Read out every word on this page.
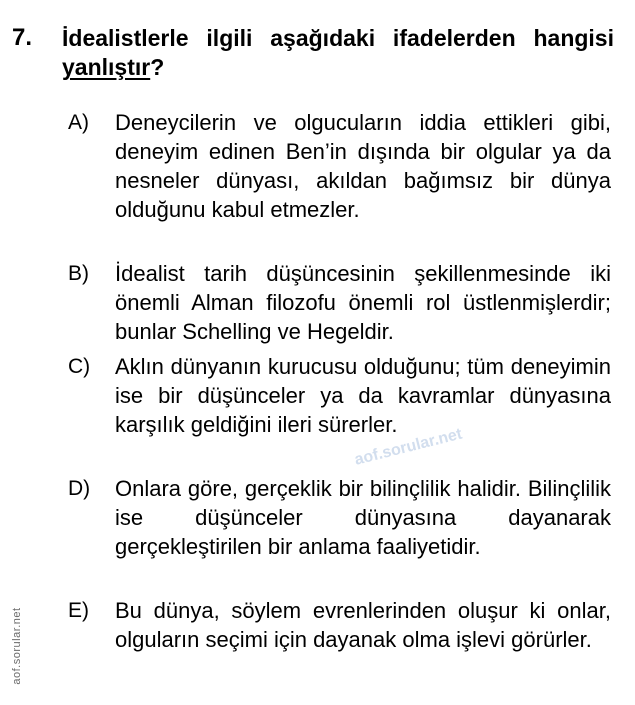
7. İdealistlerle ilgili aşağıdaki ifadelerden hangisi yanlıştır?
A) Deneycilerin ve olgucuların iddia ettikleri gibi, deneyim edinen Ben’in dışında bir olgular ya da nesneler dünyası, akıldan bağımsız bir dünya olduğunu kabul etmezler.
B) İdealist tarih düşüncesinin şekillenmesinde iki önemli Alman filozofu önemli rol üstlenmişlerdir; bunlar Schelling ve Hegeldir.
C) Aklın dünyanın kurucusu olduğunu; tüm deneyimin ise bir düşünceler ya da kavramlar dünyasına karşılık geldiğini ileri sürerler.
D) Onlara göre, gerçeklik bir bilinçlilik halidir. Bilinçlilik ise düşünceler dünyasına dayanarak gerçekleştirilen bir anlama faaliyetidir.
E) Bu dünya, söylem evrenlerinden oluşur ki onlar, olguların seçimi için dayanak olma işlevi görürler.
aof.sorular.net
aof.sorular.net
